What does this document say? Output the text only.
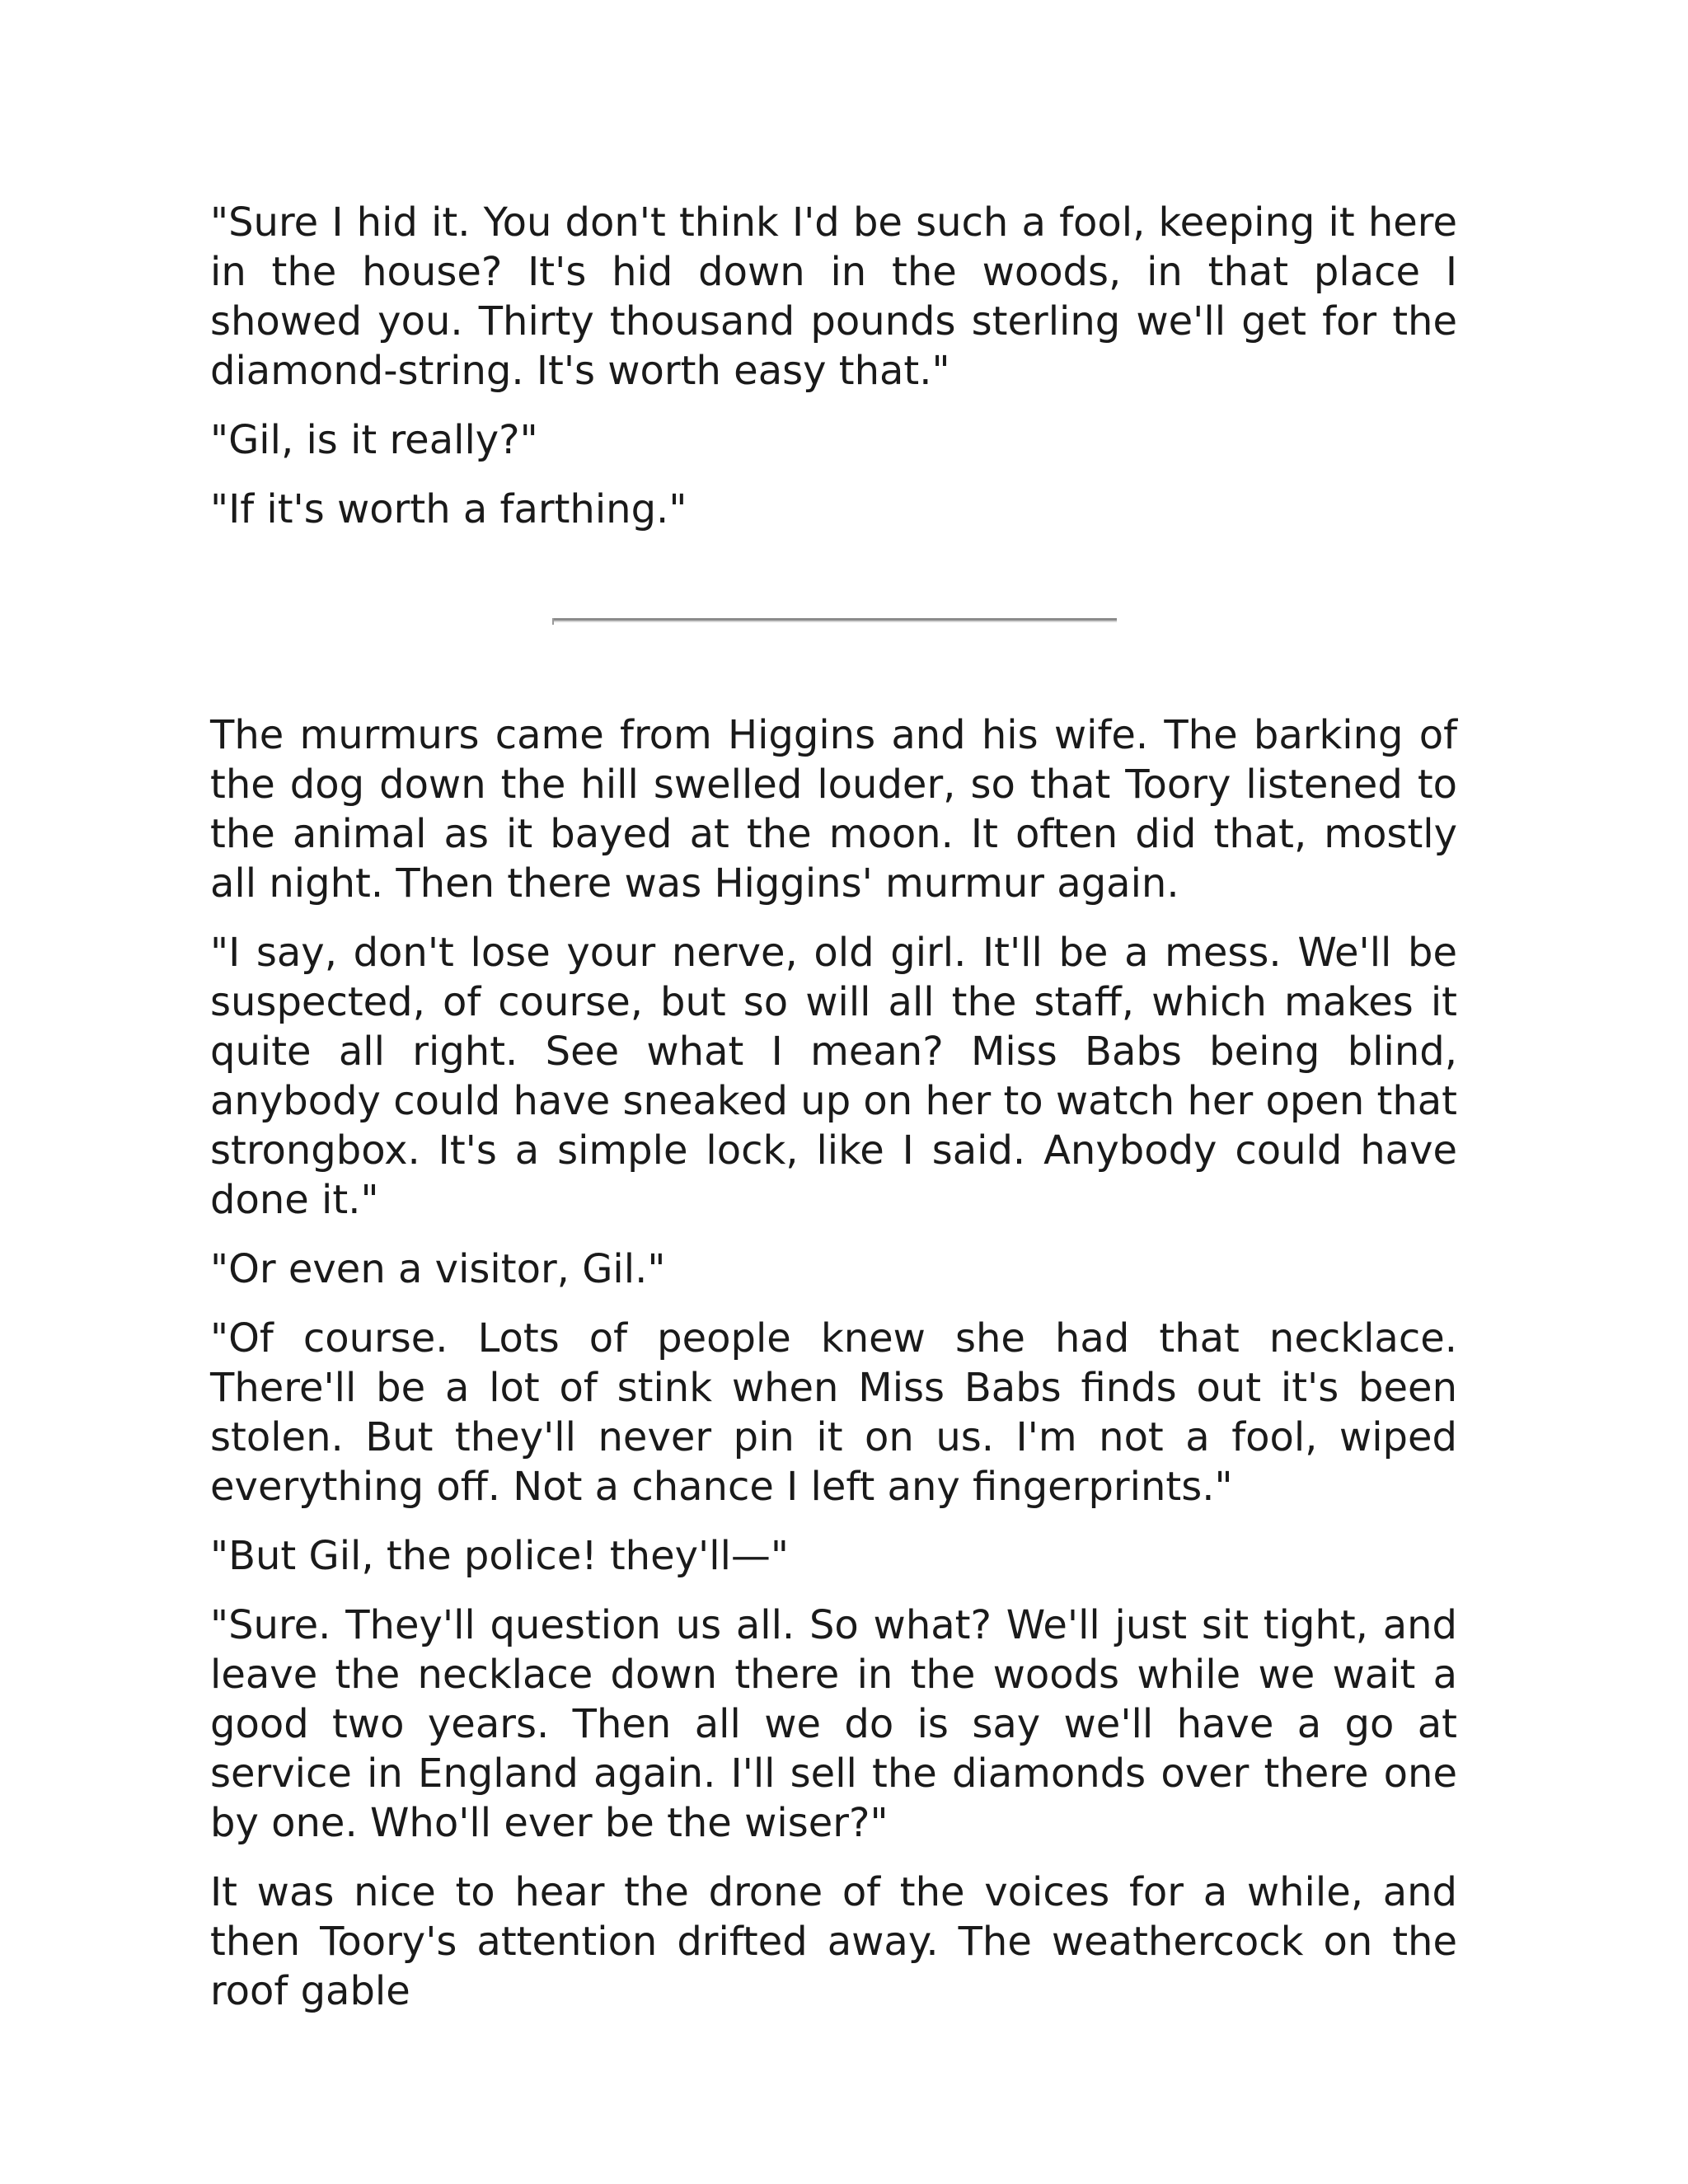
"Sure I hid it. You don't think I'd be such a fool, keeping it here in the house? It's hid down in the woods, in that place I showed you. Thirty thousand pounds sterling we'll get for the diamond-string. It's worth easy that."

"Gil, is it really?"

"If it's worth a farthing."

The murmurs came from Higgins and his wife. The barking of the dog down the hill swelled louder, so that Toory listened to the animal as it bayed at the moon. It often did that, mostly all night. Then there was Higgins' murmur again.

"I say, don't lose your nerve, old girl. It'll be a mess. We'll be suspected, of course, but so will all the staff, which makes it quite all right. See what I mean? Miss Babs being blind, anybody could have sneaked up on her to watch her open that strongbox. It's a simple lock, like I said. Anybody could have done it."

"Or even a visitor, Gil."

"Of course. Lots of people knew she had that necklace. There'll be a lot of stink when Miss Babs finds out it's been stolen. But they'll never pin it on us. I'm not a fool, wiped everything off. Not a chance I left any fingerprints."

"But Gil, the police! they'll—"

"Sure. They'll question us all. So what? We'll just sit tight, and leave the necklace down there in the woods while we wait a good two years. Then all we do is say we'll have a go at service in England again. I'll sell the diamonds over there one by one. Who'll ever be the wiser?"

It was nice to hear the drone of the voices for a while, and then Toory's attention drifted away. The weathercock on the roof gable
